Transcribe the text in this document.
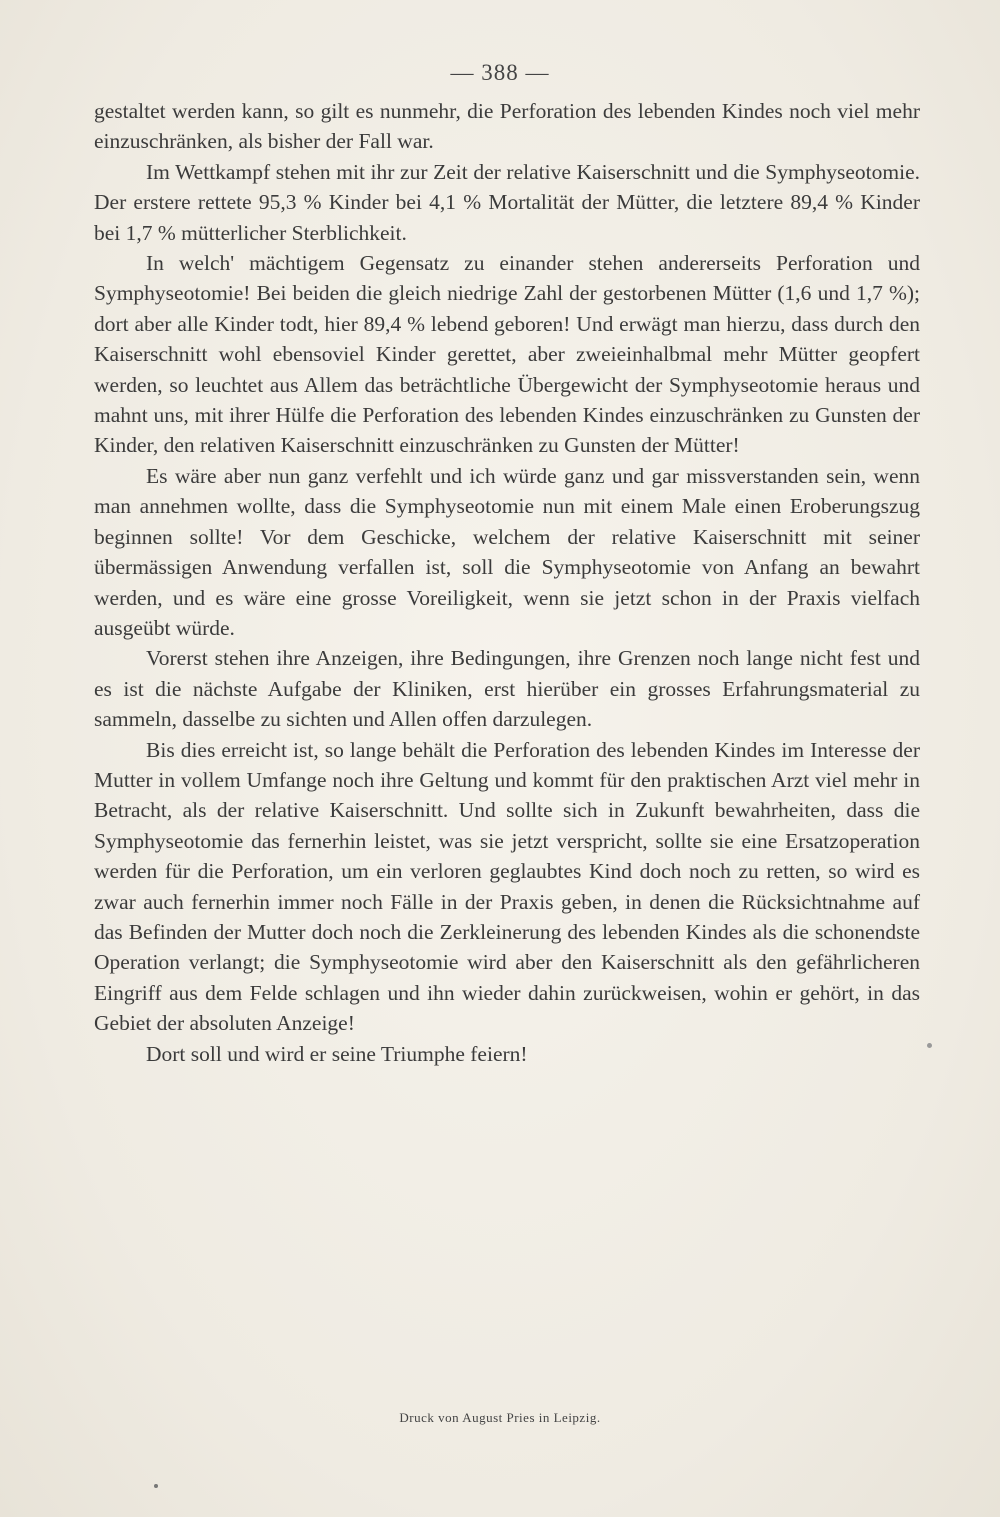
— 388 —

gestaltet werden kann, so gilt es nunmehr, die Perforation des lebenden Kindes noch viel mehr einzuschränken, als bisher der Fall war.

Im Wettkampf stehen mit ihr zur Zeit der relative Kaiserschnitt und die Symphyseotomie. Der erstere rettete 95,3 % Kinder bei 4,1 % Mortalität der Mütter, die letztere 89,4 % Kinder bei 1,7 % mütterlicher Sterblichkeit.

In welch' mächtigem Gegensatz zu einander stehen andererseits Perforation und Symphyseotomie! Bei beiden die gleich niedrige Zahl der gestorbenen Mütter (1,6 und 1,7 %); dort aber alle Kinder todt, hier 89,4 % lebend geboren! Und erwägt man hierzu, dass durch den Kaiserschnitt wohl ebensoviel Kinder gerettet, aber zweieinhalbmal mehr Mütter geopfert werden, so leuchtet aus Allem das beträchtliche Übergewicht der Symphyseotomie heraus und mahnt uns, mit ihrer Hülfe die Perforation des lebenden Kindes einzuschränken zu Gunsten der Kinder, den relativen Kaiserschnitt einzuschränken zu Gunsten der Mütter!

Es wäre aber nun ganz verfehlt und ich würde ganz und gar missverstanden sein, wenn man annehmen wollte, dass die Symphyseotomie nun mit einem Male einen Eroberungszug beginnen sollte! Vor dem Geschicke, welchem der relative Kaiserschnitt mit seiner übermässigen Anwendung verfallen ist, soll die Symphyseotomie von Anfang an bewahrt werden, und es wäre eine grosse Voreiligkeit, wenn sie jetzt schon in der Praxis vielfach ausgeübt würde.

Vorerst stehen ihre Anzeigen, ihre Bedingungen, ihre Grenzen noch lange nicht fest und es ist die nächste Aufgabe der Kliniken, erst hierüber ein grosses Erfahrungsmaterial zu sammeln, dasselbe zu sichten und Allen offen darzulegen.

Bis dies erreicht ist, so lange behält die Perforation des lebenden Kindes im Interesse der Mutter in vollem Umfange noch ihre Geltung und kommt für den praktischen Arzt viel mehr in Betracht, als der relative Kaiserschnitt. Und sollte sich in Zukunft bewahrheiten, dass die Symphyseotomie das fernerhin leistet, was sie jetzt verspricht, sollte sie eine Ersatzoperation werden für die Perforation, um ein verloren geglaubtes Kind doch noch zu retten, so wird es zwar auch fernerhin immer noch Fälle in der Praxis geben, in denen die Rücksichtnahme auf das Befinden der Mutter doch noch die Zerkleinerung des lebenden Kindes als die schonendste Operation verlangt; die Symphyseotomie wird aber den Kaiserschnitt als den gefährlicheren Eingriff aus dem Felde schlagen und ihn wieder dahin zurückweisen, wohin er gehört, in das Gebiet der absoluten Anzeige!

Dort soll und wird er seine Triumphe feiern!

Druck von August Pries in Leipzig.
